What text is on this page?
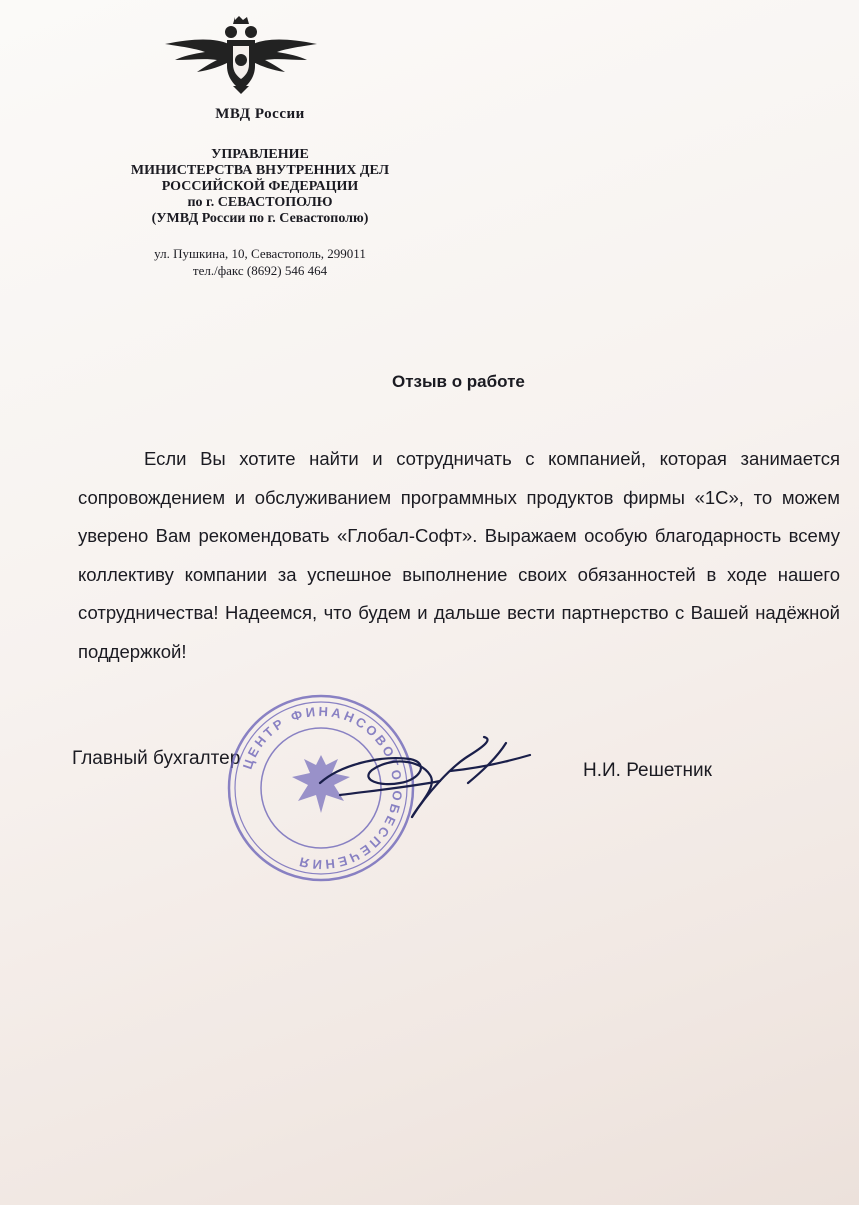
МВД России
УПРАВЛЕНИЕ
МИНИСТЕРСТВА ВНУТРЕННИХ ДЕЛ
РОССИЙСКОЙ ФЕДЕРАЦИИ
по г. СЕВАСТОПОЛЮ
(УМВД России по г. Севастополю)
ул. Пушкина, 10, Севастополь, 299011
тел./факс (8692) 546 464
Отзыв о работе

Если Вы хотите найти и сотрудничать с компанией, которая занимается сопровождением и обслуживанием программных продуктов фирмы «1С», то можем уверено Вам рекомендовать «Глобал-Софт». Выражаем особую благодарность всему коллективу компании за успешное выполнение своих обязанностей в ходе нашего сотрудничества! Надеемся, что будем и дальше вести партнерство с Вашей надёжной поддержкой!

Главный бухгалтер
Н.И. Решетник
ЦЕНТР ФИНАНСОВОГО ОБЕСПЕЧЕНИЯ
